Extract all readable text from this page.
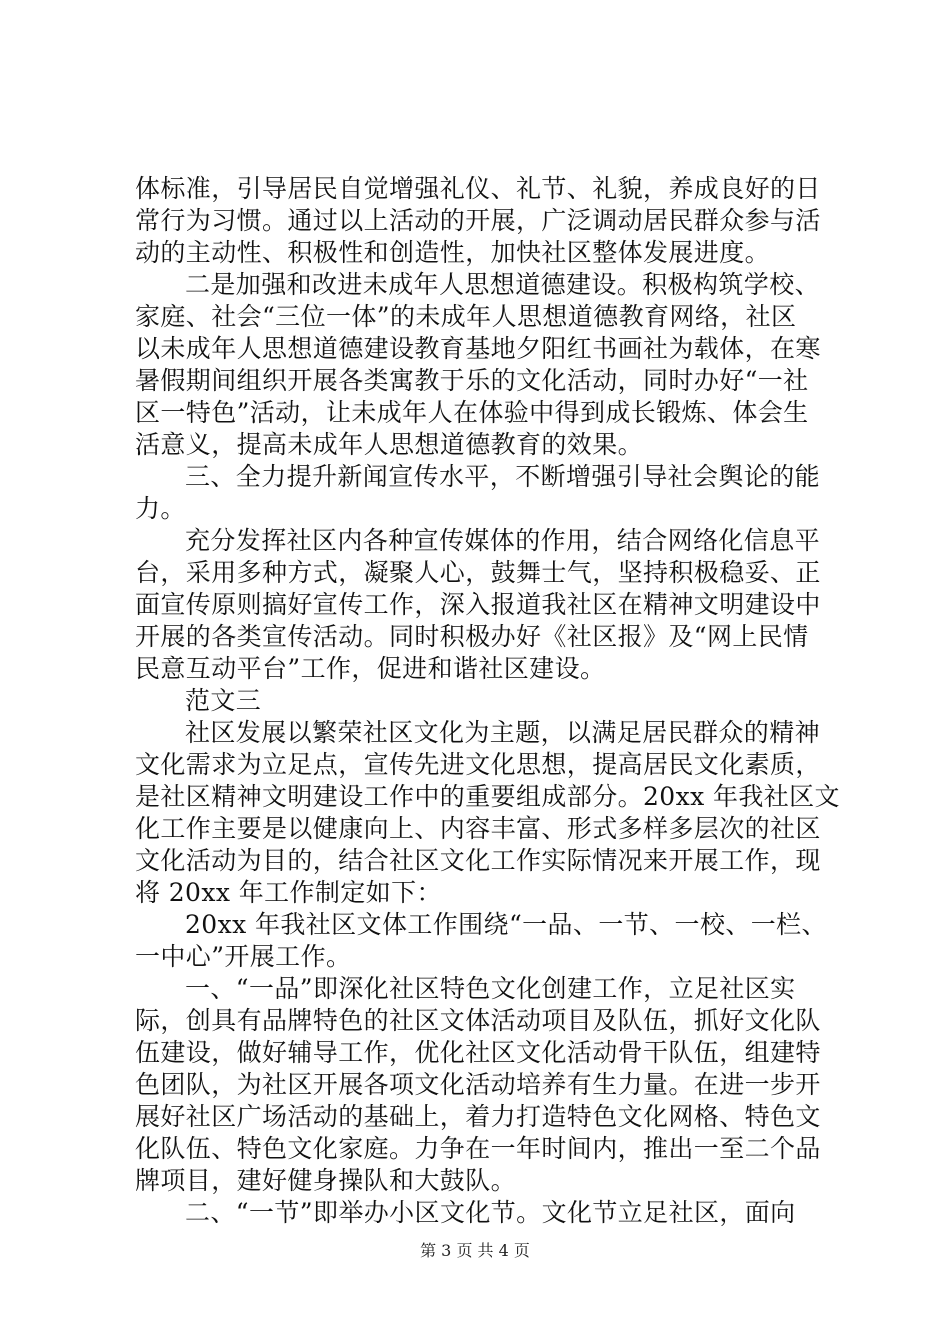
体标准，引导居民自觉增强礼仪、礼节、礼貌，养成良好的日
常行为习惯。通过以上活动的开展，广泛调动居民群众参与活
动的主动性、积极性和创造性，加快社区整体发展进度。
二是加强和改进未成年人思想道德建设。积极构筑学校、
家庭、社会“三位一体”的未成年人思想道德教育网络，社区
以未成年人思想道德建设教育基地夕阳红书画社为载体，在寒
暑假期间组织开展各类寓教于乐的文化活动，同时办好“一社
区一特色”活动，让未成年人在体验中得到成长锻炼、体会生
活意义，提高未成年人思想道德教育的效果。
三、全力提升新闻宣传水平，不断增强引导社会舆论的能
力。
充分发挥社区内各种宣传媒体的作用，结合网络化信息平
台，采用多种方式，凝聚人心，鼓舞士气，坚持积极稳妥、正
面宣传原则搞好宣传工作，深入报道我社区在精神文明建设中
开展的各类宣传活动。同时积极办好《社区报》及“网上民情
民意互动平台”工作，促进和谐社区建设。
范文三
社区发展以繁荣社区文化为主题，以满足居民群众的精神
文化需求为立足点，宣传先进文化思想，提高居民文化素质，
是社区精神文明建设工作中的重要组成部分。20xx 年我社区文
化工作主要是以健康向上、内容丰富、形式多样多层次的社区
文化活动为目的，结合社区文化工作实际情况来开展工作，现
将 20xx 年工作制定如下：
20xx 年我社区文体工作围绕“一品、一节、一校、一栏、
一中心”开展工作。
一、“一品”即深化社区特色文化创建工作，立足社区实
际，创具有品牌特色的社区文体活动项目及队伍，抓好文化队
伍建设，做好辅导工作，优化社区文化活动骨干队伍，组建特
色团队，为社区开展各项文化活动培养有生力量。在进一步开
展好社区广场活动的基础上，着力打造特色文化网格、特色文
化队伍、特色文化家庭。力争在一年时间内，推出一至二个品
牌项目，建好健身操队和大鼓队。
二、“一节”即举办小区文化节。文化节立足社区，面向
第 3 页 共 4 页
